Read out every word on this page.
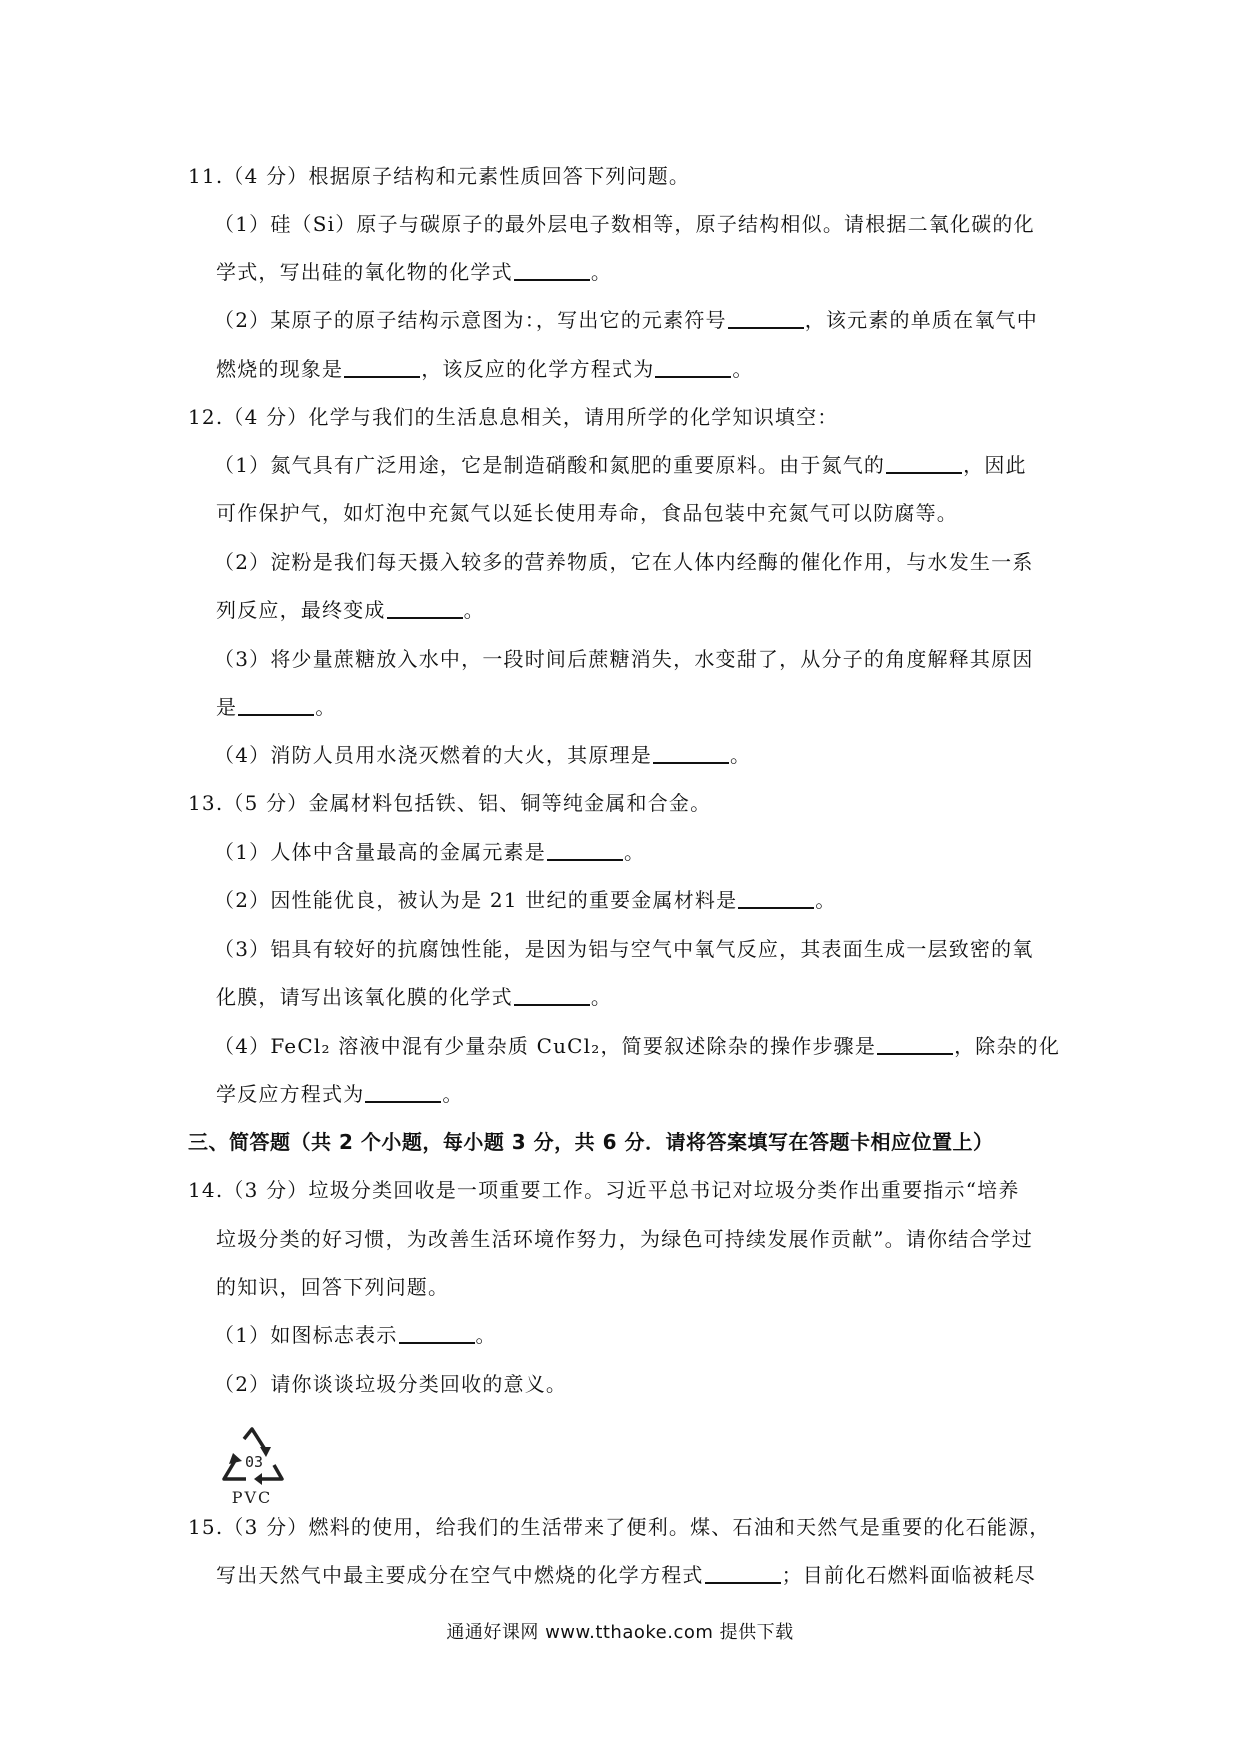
11.（4 分）根据原子结构和元素性质回答下列问题。
（1）硅（Si）原子与碳原子的最外层电子数相等，原子结构相似。请根据二氧化碳的化
学式，写出硅的氧化物的化学式	。
（2）某原子的原子结构示意图为：，写出它的元素符号	，该元素的单质在氧气中
燃烧的现象是	，该反应的化学方程式为	。
12.（4 分）化学与我们的生活息息相关，请用所学的化学知识填空：
（1）氮气具有广泛用途，它是制造硝酸和氮肥的重要原料。由于氮气的	，因此
可作保护气，如灯泡中充氮气以延长使用寿命，食品包装中充氮气可以防腐等。
（2）淀粉是我们每天摄入较多的营养物质，它在人体内经酶的催化作用，与水发生一系
列反应，最终变成	。
（3）将少量蔗糖放入水中，一段时间后蔗糖消失，水变甜了，从分子的角度解释其原因
是	。
（4）消防人员用水浇灭燃着的大火，其原理是	。
13.（5 分）金属材料包括铁、铝、铜等纯金属和合金。
（1）人体中含量最高的金属元素是	。
（2）因性能优良，被认为是 21 世纪的重要金属材料是	。
（3）铝具有较好的抗腐蚀性能，是因为铝与空气中氧气反应，其表面生成一层致密的氧
化膜，请写出该氧化膜的化学式	。
（4）FeCl₂ 溶液中混有少量杂质 CuCl₂，简要叙述除杂的操作步骤是	，除杂的化
学反应方程式为	。
三、简答题（共 2 个小题，每小题 3 分，共 6 分．请将答案填写在答题卡相应位置上）
14.（3 分）垃圾分类回收是一项重要工作。习近平总书记对垃圾分类作出重要指示“培养
垃圾分类的好习惯，为改善生活环境作努力，为绿色可持续发展作贡献”。请你结合学过
的知识，回答下列问题。
（1）如图标志表示	。
（2）请你谈谈垃圾分类回收的意义。
03
PVC
15.（3 分）燃料的使用，给我们的生活带来了便利。煤、石油和天然气是重要的化石能源，
写出天然气中最主要成分在空气中燃烧的化学方程式	；目前化石燃料面临被耗尽
通通好课网 www.tthaoke.com 提供下载
